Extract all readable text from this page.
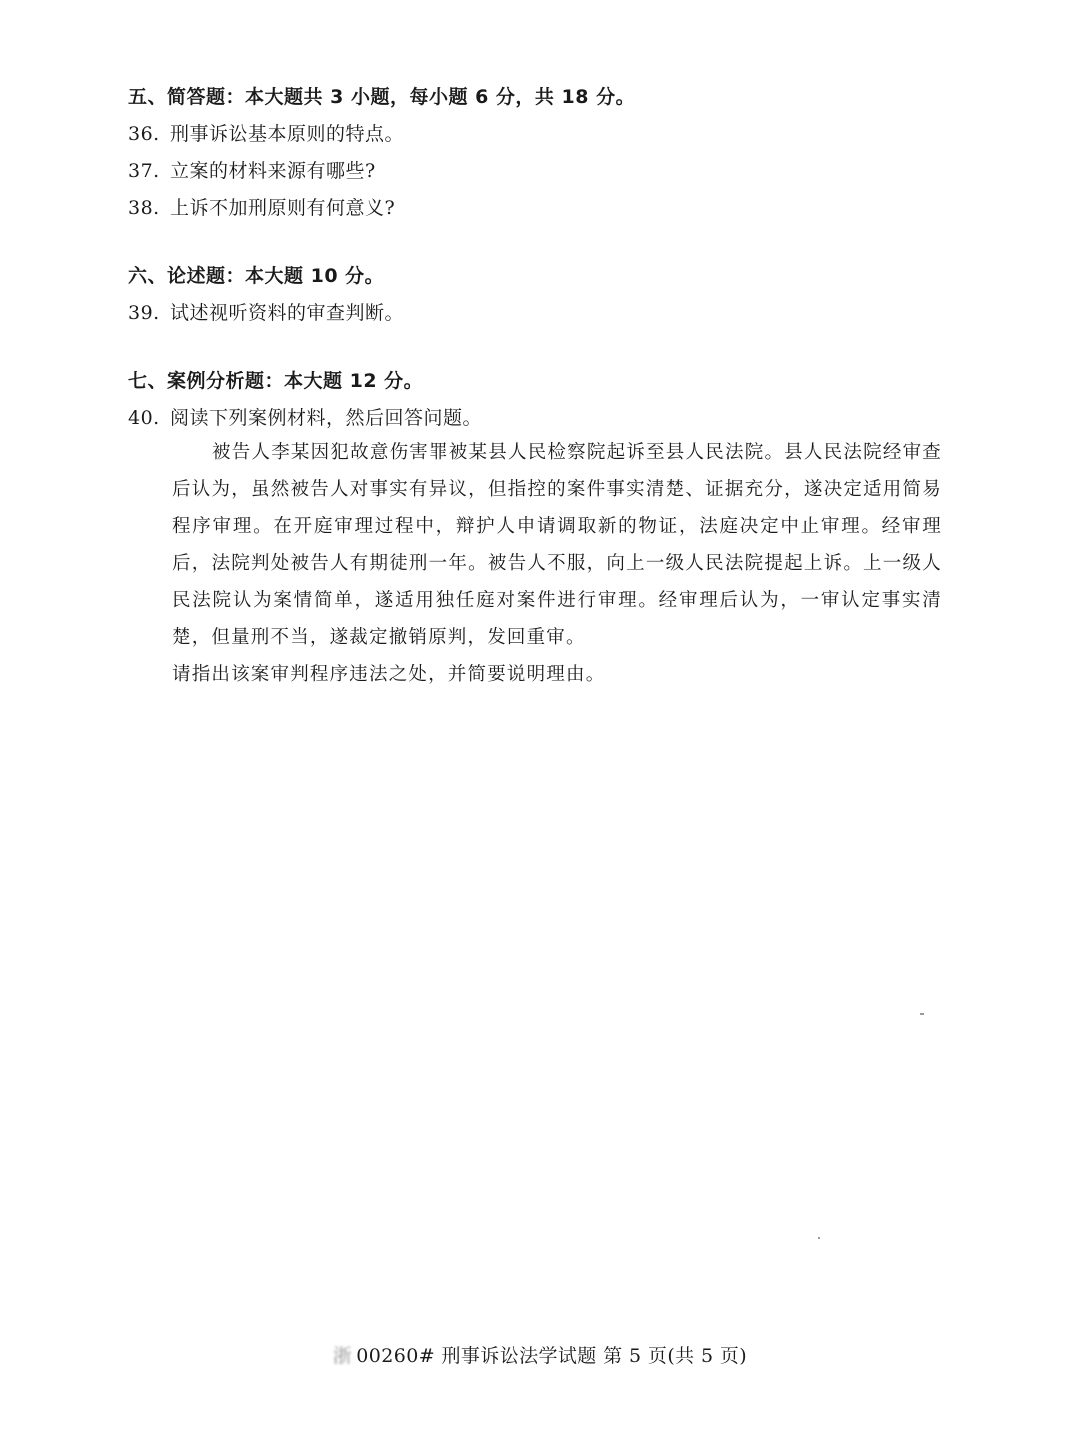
五、简答题：本大题共 3 小题，每小题 6 分，共 18 分。
36. 刑事诉讼基本原则的特点。
37. 立案的材料来源有哪些?
38. 上诉不加刑原则有何意义?
六、论述题：本大题 10 分。
39. 试述视听资料的审查判断。
七、案例分析题：本大题 12 分。
40. 阅读下列案例材料，然后回答问题。

被告人李某因犯故意伤害罪被某县人民检察院起诉至县人民法院。县人民法院经审查后认为，虽然被告人对事实有异议，但指控的案件事实清楚、证据充分，遂决定适用简易程序审理。在开庭审理过程中，辩护人申请调取新的物证，法庭决定中止审理。经审理后，法院判处被告人有期徒刑一年。被告人不服，向上一级人民法院提起上诉。上一级人民法院认为案情简单，遂适用独任庭对案件进行审理。经审理后认为，一审认定事实清楚，但量刑不当，遂裁定撤销原判，发回重审。

请指出该案审判程序违法之处，并简要说明理由。

浙 00260# 刑事诉讼法学试题 第 5 页(共 5 页)
